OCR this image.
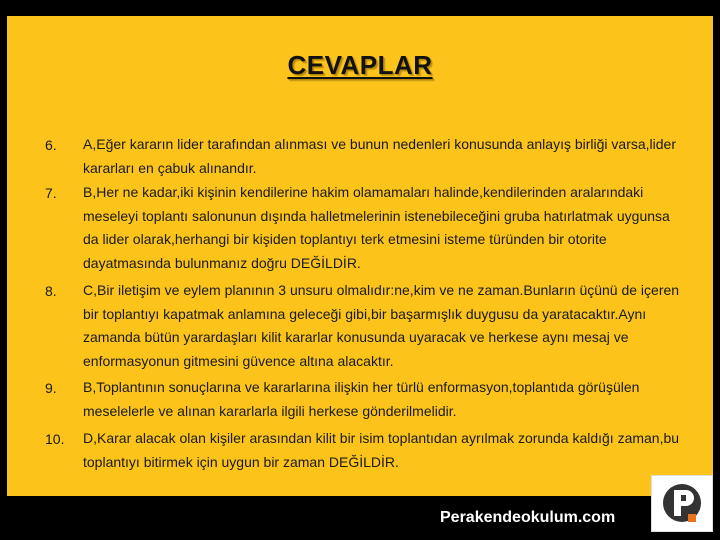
CEVAPLAR
6. A,Eğer kararın lider tarafından alınması ve bunun nedenleri konusunda anlayış birliği varsa,lider kararları en çabuk alınandır.

7. B,Her ne kadar,iki kişinin kendilerine hakim olamamaları halinde,kendilerinden aralarındaki meseleyi toplantı salonunun dışında halletmelerinin istenebileceğini gruba hatırlatmak uygunsa da lider olarak,herhangi bir kişiden toplantıyı terk etmesini isteme türünden bir otorite dayatmasında bulunmanız doğru DEĞİLDİR.

8. C,Bir iletişim ve eylem planının 3 unsuru olmalıdır:ne,kim ve ne zaman.Bunların üçünü de içeren bir toplantıyı kapatmak anlamına geleceği gibi,bir başarmışlık duygusu da yaratacaktır.Aynı zamanda bütün yarardaşları kilit kararlar konusunda uyaracak ve herkese aynı mesaj ve enformasyonun gitmesini güvence altına alacaktır.

9. B,Toplantının sonuçlarına ve kararlarına ilişkin her türlü enformasyon,toplantıda görüşülen meselelerle ve alınan kararlarla ilgili herkese gönderilmelidir.

10. D,Karar alacak olan kişiler arasından kilit bir isim toplantıdan ayrılmak zorunda kaldığı zaman,bu toplantıyı bitirmek için uygun bir zaman DEĞİLDİR.

Perakendeokulum.com
